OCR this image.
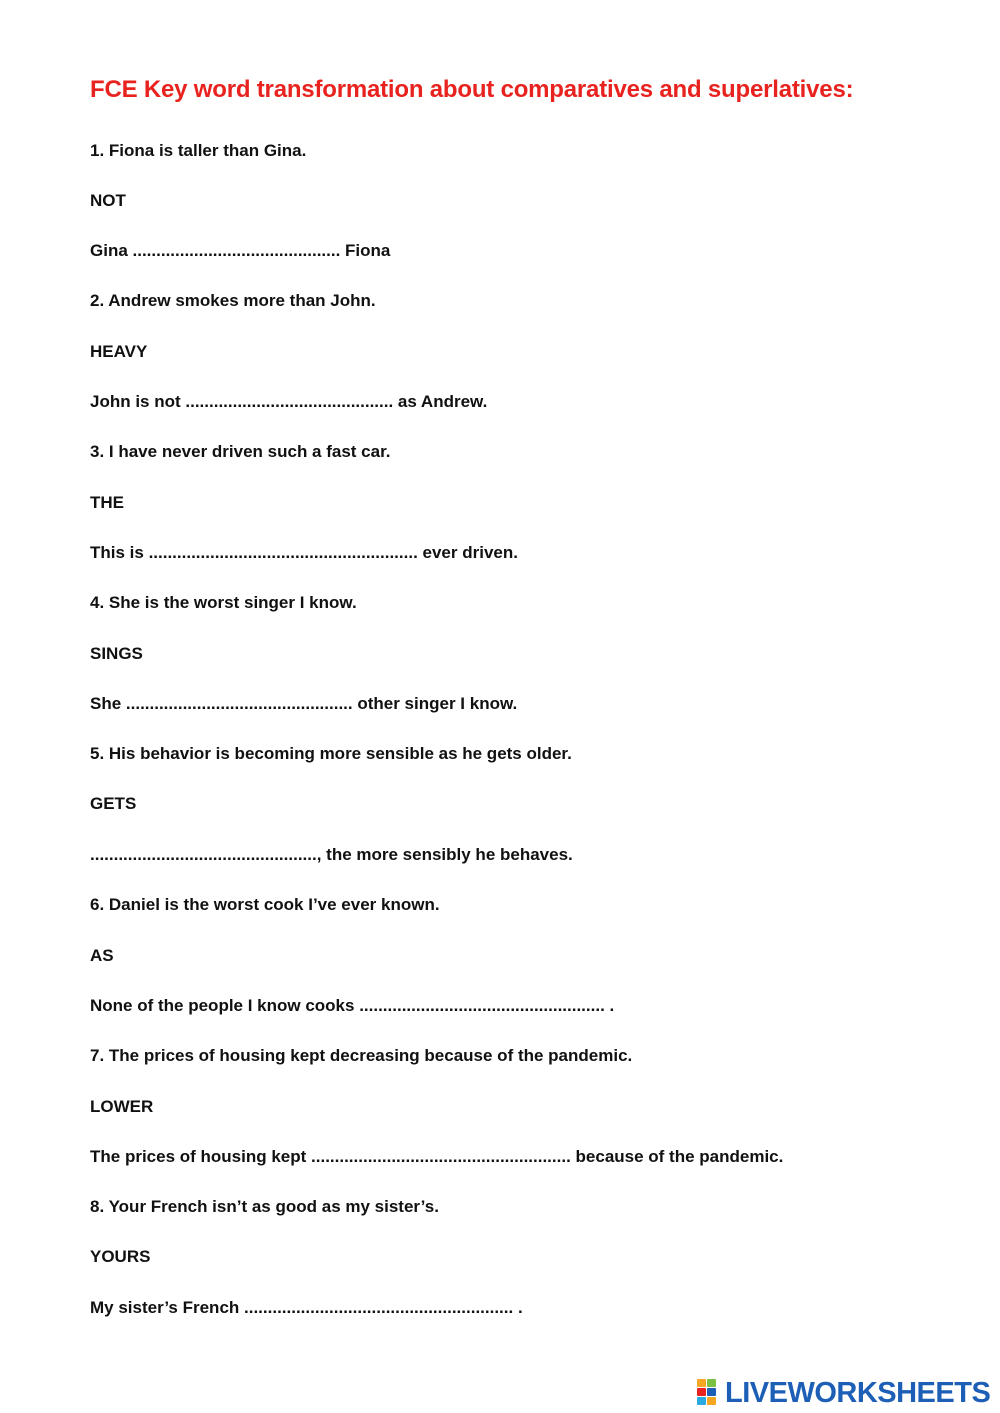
FCE Key word transformation about comparatives and superlatives:
1. Fiona is taller than Gina.
NOT
Gina ............................................ Fiona
2. Andrew smokes more than John.
HEAVY
John is not ............................................ as Andrew.
3. I have never driven such a fast car.
THE
This is ......................................................... ever driven.
4. She is the worst singer I know.
SINGS
She ................................................ other singer I know.
5. His behavior is becoming more sensible as he gets older.
GETS
................................................, the more sensibly he behaves.
6. Daniel is the worst cook I’ve ever known.
AS
None of the people I know cooks .................................................... .
7. The prices of housing kept decreasing because of the pandemic.
LOWER
The prices of housing kept ....................................................... because of the pandemic.
8. Your French isn’t as good as my sister’s.
YOURS
My sister’s French ......................................................... .
LIVEWORKSHEETS
